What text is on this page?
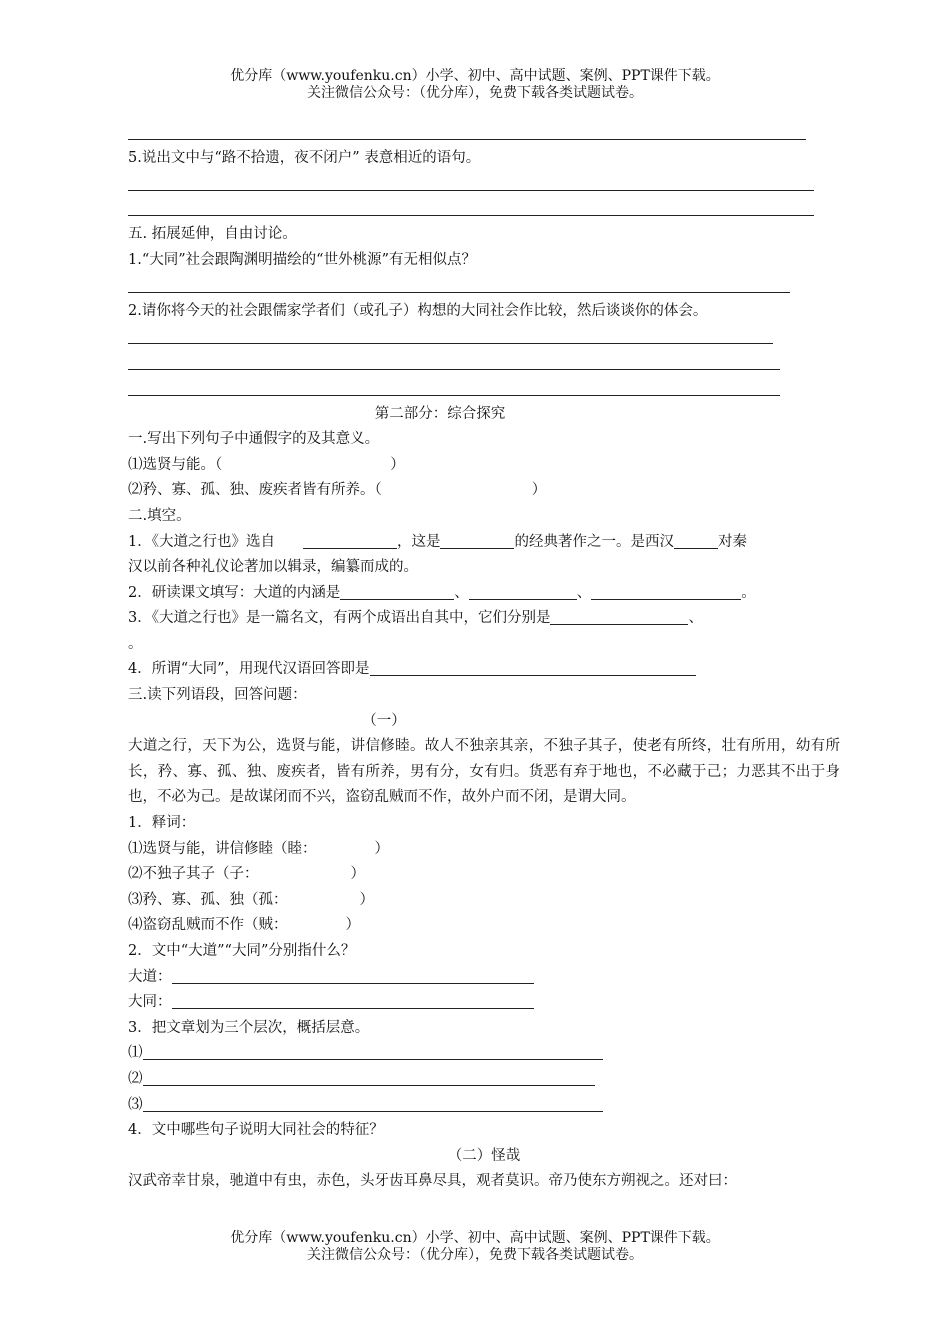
优分库（www.youfenku.cn）小学、初中、高中试题、案例、PPT课件下载。
关注微信公众号：（优分库），免费下载各类试题试卷。
5.说出文中与“路不拾遗，夜不闭户” 表意相近的语句。
五. 拓展延伸，自由讨论。
1.“大同”社会跟陶渊明描绘的“世外桃源”有无相似点？
2.请你将今天的社会跟儒家学者们（或孔子）构想的大同社会作比较，然后谈谈你的体会。
第二部分：综合探究
一.写出下列句子中通假字的及其意义。
⑴选贤与能。（	）
⑵矜、寡、孤、独、废疾者皆有所养。（	）
二.填空。
1．《大道之行也》选自	，这是	的经典著作之一。是西汉	对秦
汉以前各种礼仪论著加以辑录，编纂而成的。
2．研读课文填写：大道的内涵是	、	、	。
3．《大道之行也》是一篇名文，有两个成语出自其中，它们分别是	、
。
4．所谓“大同”，用现代汉语回答即是
三.读下列语段，回答问题：
（一）
大道之行，天下为公，选贤与能，讲信修睦。故人不独亲其亲，不独子其子，使老有所终，壮有所用，幼有所长，矜、寡、孤、独、废疾者，皆有所养，男有分，女有归。货恶有弃于地也，不必藏于己；力恶其不出于身也，不必为己。是故谋闭而不兴，盗窃乱贼而不作，故外户而不闭，是谓大同。
1．释词：
⑴选贤与能，讲信修睦（睦：	）
⑵不独子其子（子：	）
⑶矜、寡、孤、独（孤：	）
⑷盗窃乱贼而不作（贼：	）
2．文中“大道”“大同”分别指什么？
大道：
大同：
3．把文章划为三个层次，概括层意。
⑴
⑵
⑶
4．文中哪些句子说明大同社会的特征？
（二）怪哉
汉武帝幸甘泉，驰道中有虫，赤色，头牙齿耳鼻尽具，观者莫识。帝乃使东方朔视之。还对曰：
优分库（www.youfenku.cn）小学、初中、高中试题、案例、PPT课件下载。
关注微信公众号：（优分库），免费下载各类试题试卷。
